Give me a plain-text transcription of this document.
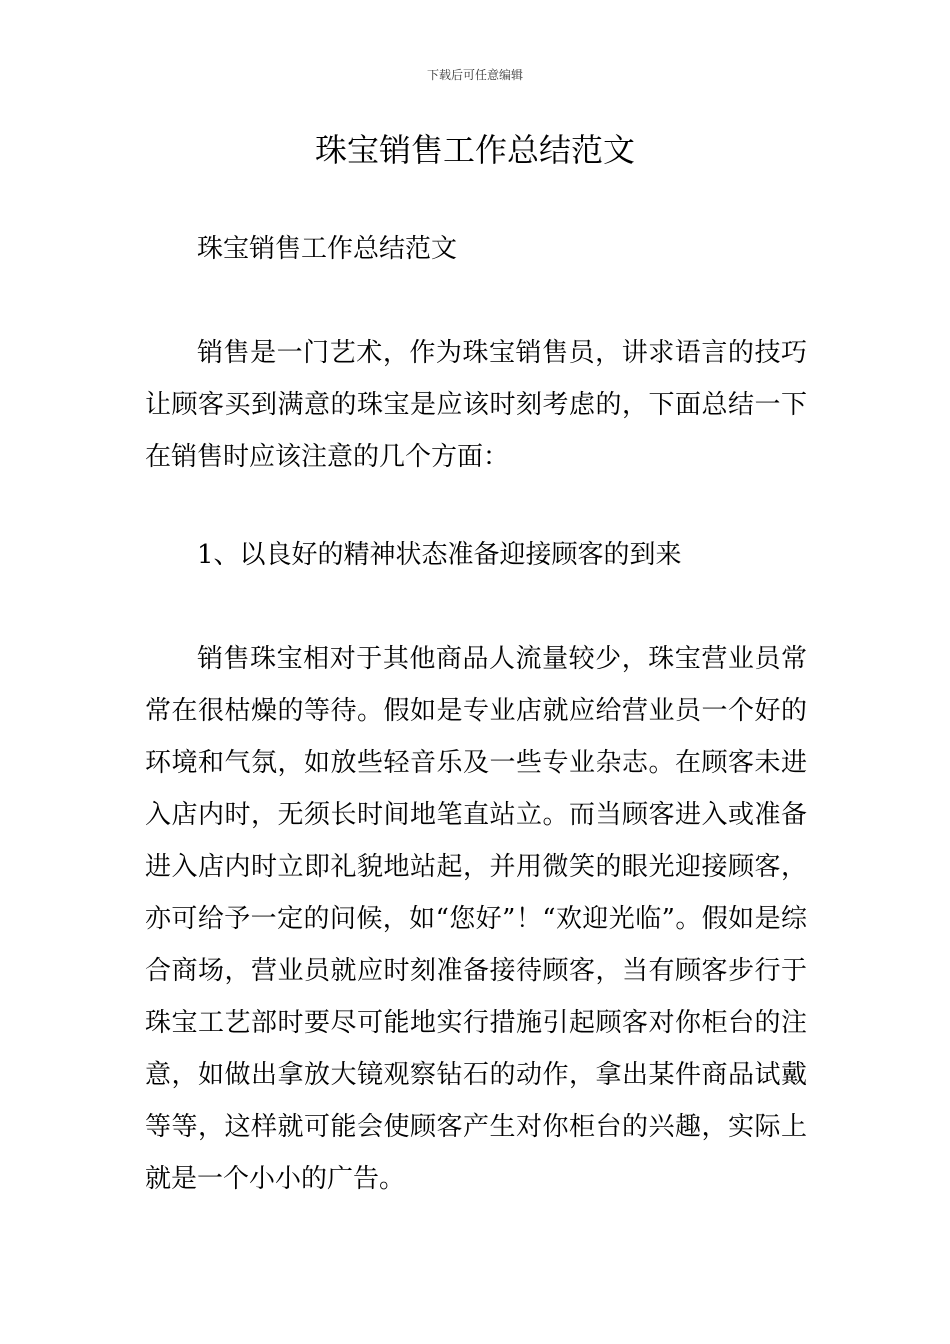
下载后可任意编辑
珠宝销售工作总结范文

珠宝销售工作总结范文

销售是一门艺术，作为珠宝销售员，讲求语言的技巧让顾客买到满意的珠宝是应该时刻考虑的，下面总结一下在销售时应该注意的几个方面：

1、以良好的精神状态准备迎接顾客的到来

销售珠宝相对于其他商品人流量较少，珠宝营业员常常在很枯燥的等待。假如是专业店就应给营业员一个好的环境和气氛，如放些轻音乐及一些专业杂志。在顾客未进入店内时，无须长时间地笔直站立。而当顾客进入或准备进入店内时立即礼貌地站起，并用微笑的眼光迎接顾客，亦可给予一定的问候，如“您好”！“欢迎光临”。假如是综合商场，营业员就应时刻准备接待顾客，当有顾客步行于珠宝工艺部时要尽可能地实行措施引起顾客对你柜台的注意，如做出拿放大镜观察钻石的动作，拿出某件商品试戴等等，这样就可能会使顾客产生对你柜台的兴趣，实际上就是一个小小的广告。
